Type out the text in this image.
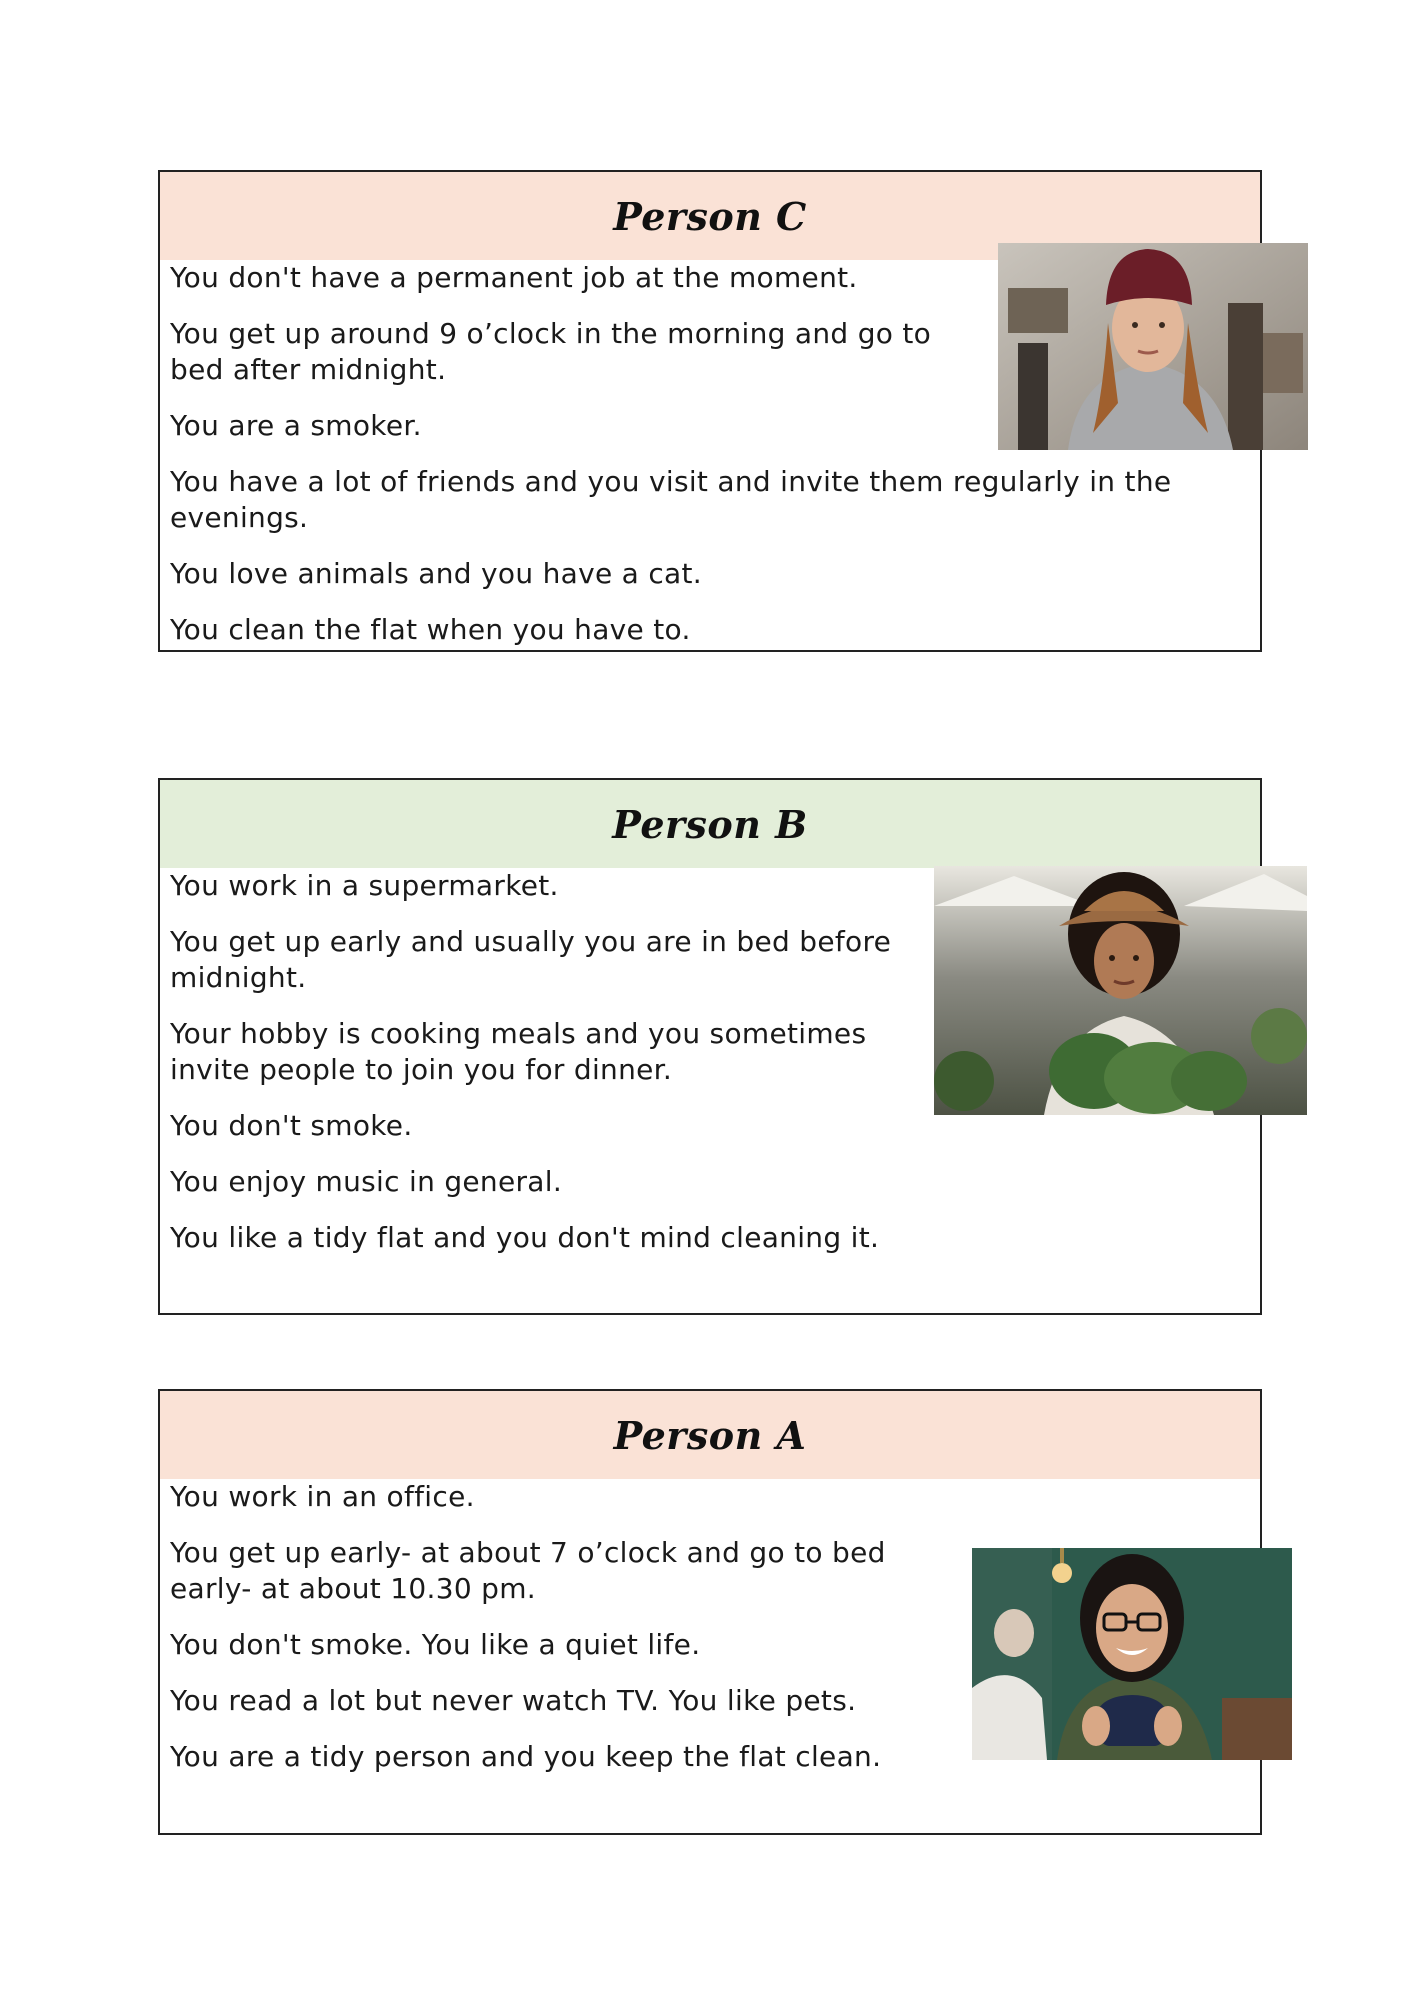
Person C

You don't have a permanent job at the moment.

You get up around 9 o’clock in the morning and go to bed after midnight.

You are a smoker.

You have a lot of friends and you visit and invite them regularly in the evenings.

You love animals and you have a cat.

You clean the flat when you have to.

Person B

You work in a supermarket.

You get up early and usually you are in bed before midnight.

Your hobby is cooking meals and you sometimes invite people to join you for dinner.

You don't smoke.

You enjoy music in general.

You like a tidy flat and you don't mind cleaning it.

Person A

You work in an office.

You get up early- at about 7 o’clock and go to bed early- at about 10.30 pm.

You don't smoke. You like a quiet life.

You read a lot but never watch TV. You like pets.

You are a tidy person and you keep the flat clean.
